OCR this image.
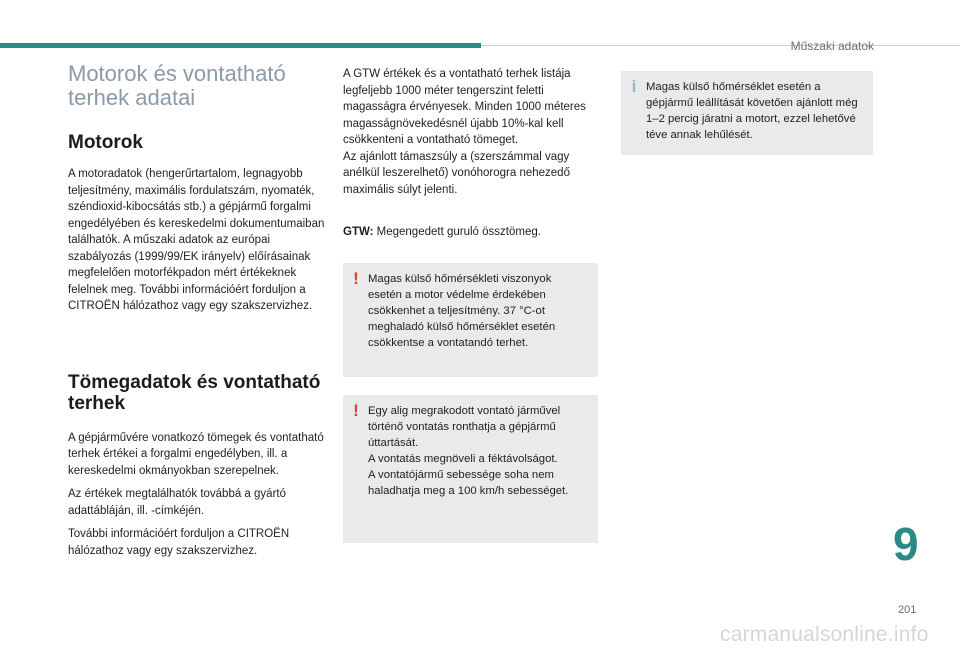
Műszaki adatok
Motorok és vontatható terhek adatai
Motorok

A motoradatok (hengerűrtartalom, legnagyobb teljesítmény, maximális fordulatszám, nyomaték, széndioxid-kibocsátás stb.) a gépjármű forgalmi engedélyében és kereskedelmi dokumentumaiban találhatók. A műszaki adatok az európai szabályozás (1999/99/EK irányelv) előírásainak megfelelően motorfékpadon mért értékeknek felelnek meg. További információért forduljon a CITROËN hálózathoz vagy egy szakszervizhez.

Tömegadatok és vontatható terhek

A gépjárművére vonatkozó tömegek és vontatható terhek értékei a forgalmi engedélyben, ill. a kereskedelmi okmányokban szerepelnek.

Az értékek megtalálhatók továbbá a gyártó adattábláján, ill. -címkéjén.

További információért forduljon a CITROËN hálózathoz vagy egy szakszervizhez.

A GTW értékek és a vontatható terhek listája legfeljebb 1000 méter tengerszint feletti magasságra érvényesek. Minden 1000 méteres magasságnövekedésnél újabb 10%-kal kell csökkenteni a vontatható tömeget.

Az ajánlott támaszsúly a (szerszámmal vagy anélkül leszerelhető) vonóhorogra nehezedő maximális súlyt jelenti.

GTW: Megengedett guruló össztömeg.

! Magas külső hőmérsékleti viszonyok esetén a motor védelme érdekében csökkenhet a teljesítmény. 37 °C-ot meghaladó külső hőmérséklet esetén csökkentse a vontatandó terhet.

! Egy alig megrakodott vontató járművel történő vontatás ronthatja a gépjármű úttartását.

A vontatás megnöveli a féktávolságot.

A vontatójármű sebessége soha nem haladhatja meg a 100 km/h sebességet.

i Magas külső hőmérséklet esetén a gépjármű leállítását követően ajánlott még 1–2 percig járatni a motort, ezzel lehetővé téve annak lehűlését.

9
201
carmanualsonline.info
